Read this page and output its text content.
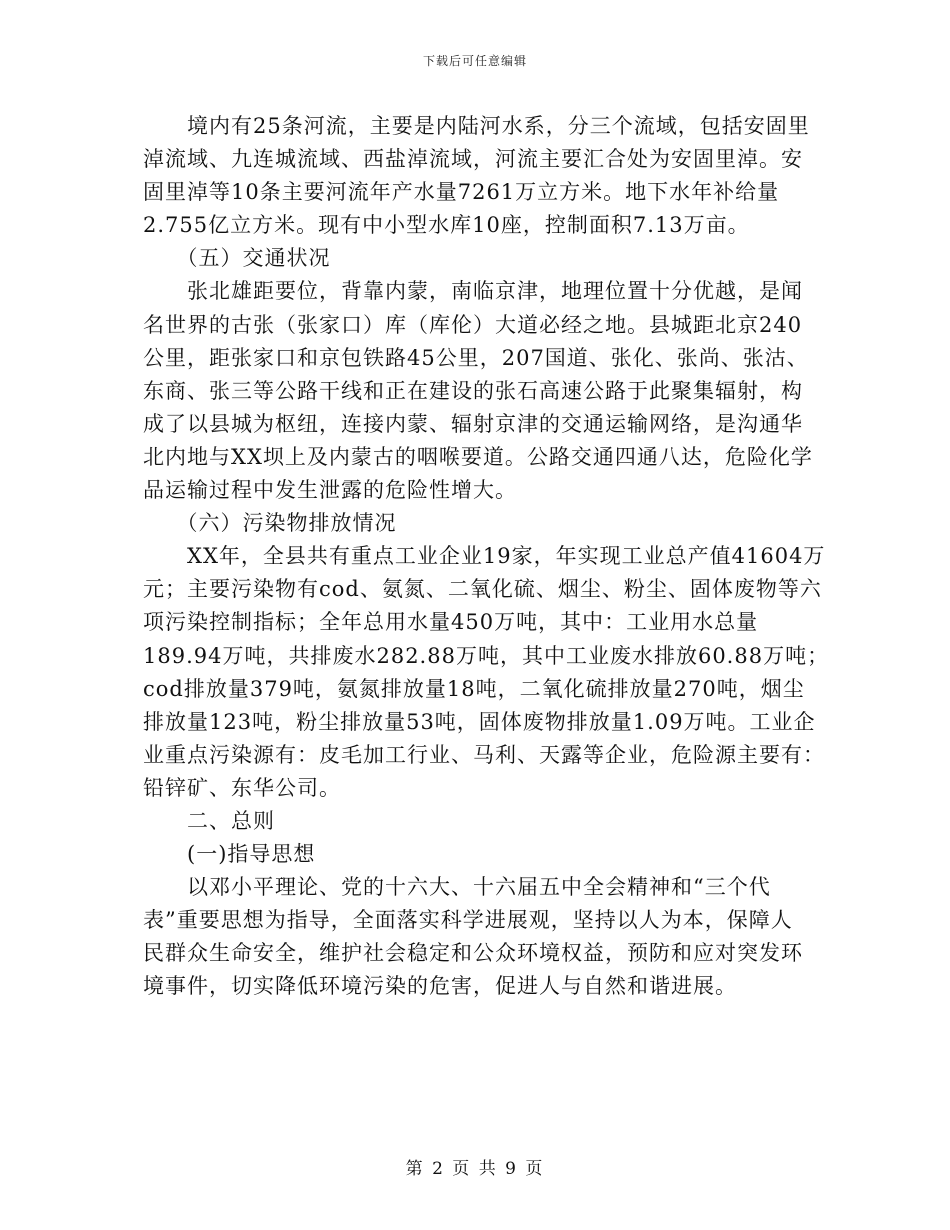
下载后可任意编辑
　　境内有25条河流，主要是内陆河水系，分三个流域，包括安固里
淖流域、九连城流域、西盐淖流域，河流主要汇合处为安固里淖。安
固里淖等10条主要河流年产水量7261万立方米。地下水年补给量
2.755亿立方米。现有中小型水库10座，控制面积7.13万亩。
　　（五）交通状况
　　张北雄距要位，背靠内蒙，南临京津，地理位置十分优越，是闻
名世界的古张（张家口）库（库伦）大道必经之地。县城距北京240
公里，距张家口和京包铁路45公里，207国道、张化、张尚、张沽、
东商、张三等公路干线和正在建设的张石高速公路于此聚集辐射，构
成了以县城为枢纽，连接内蒙、辐射京津的交通运输网络，是沟通华
北内地与XX坝上及内蒙古的咽喉要道。公路交通四通八达，危险化学
品运输过程中发生泄露的危险性增大。
　　（六）污染物排放情况
　　XX年，全县共有重点工业企业19家，年实现工业总产值41604万
元；主要污染物有cod、氨氮、二氧化硫、烟尘、粉尘、固体废物等六
项污染控制指标；全年总用水量450万吨，其中：工业用水总量
189.94万吨，共排废水282.88万吨，其中工业废水排放60.88万吨；
cod排放量379吨，氨氮排放量18吨，二氧化硫排放量270吨，烟尘
排放量123吨，粉尘排放量53吨，固体废物排放量1.09万吨。工业企
业重点污染源有：皮毛加工行业、马利、天露等企业，危险源主要有：
铅锌矿、东华公司。
　　二、总则
　　(一)指导思想
　　以邓小平理论、党的十六大、十六届五中全会精神和“三个代
表”重要思想为指导，全面落实科学进展观，坚持以人为本，保障人
民群众生命安全，维护社会稳定和公众环境权益，预防和应对突发环
境事件，切实降低环境污染的危害，促进人与自然和谐进展。
第 2 页 共 9 页
